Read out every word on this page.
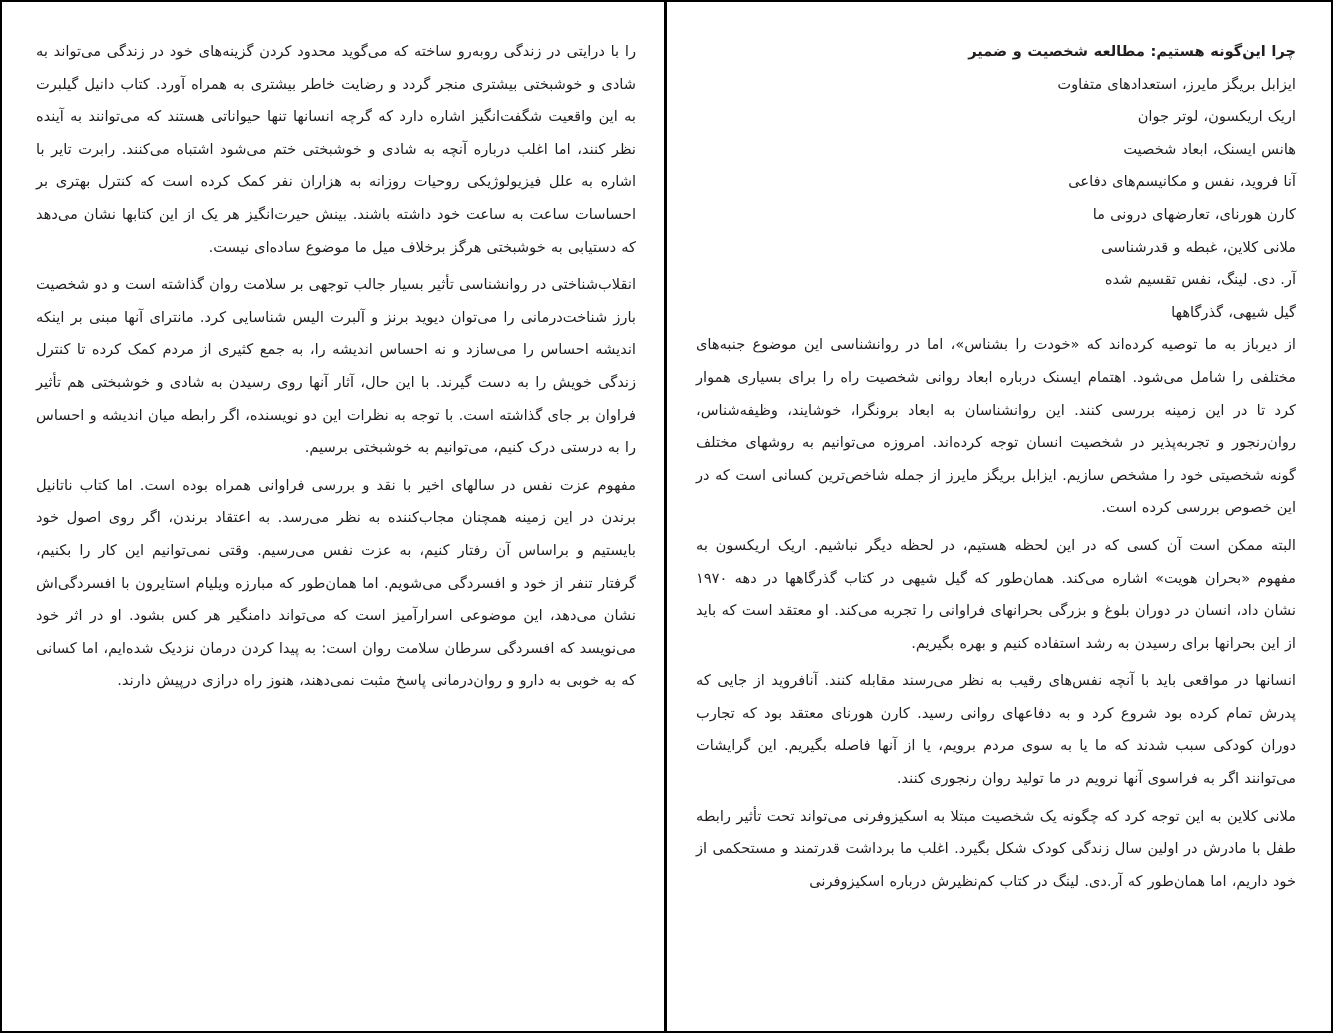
را با درایتی در زندگی روبه‌رو ساخته که می‌گوید محدود کردن گزینه‌های خود در زندگی می‌تواند به شادی و خوشبختی بیشتری منجر گردد و رضایت خاطر بیشتری به همراه آورد. کتاب دانیل گیلبرت به این واقعیت شگفت‌انگیز اشاره دارد که گرچه انسانها تنها حیواناتی هستند که می‌توانند به آینده نظر کنند، اما اغلب درباره آنچه به شادی و خوشبختی ختم می‌شود اشتباه می‌کنند. رابرت تایر با اشاره به علل فیزیولوژیکی روحیات روزانه به هزاران نفر کمک کرده است که کنترل بهتری بر احساسات ساعت به ساعت خود داشته باشند. بینش حیرت‌انگیز هر یک از این کتابها نشان می‌دهد که دستیابی به خوشبختی هرگز برخلاف میل ما موضوع ساده‌ای نیست.

انقلاب‌شناختی در روانشناسی تأثیر بسیار جالب توجهی بر سلامت روان گذاشته است و دو شخصیت بارز شناخت‌درمانی را می‌توان دیوید برنز و آلبرت الیس شناسایی کرد. مانترای آنها مبنی بر اینکه اندیشه احساس را می‌سازد و نه احساس اندیشه را، به جمع کثیری از مردم کمک کرده تا کنترل زندگی خویش را به دست گیرند. با این حال، آثار آنها روی رسیدن به شادی و خوشبختی هم تأثیر فراوان بر جای گذاشته است. با توجه به نظرات این دو نویسنده، اگر رابطه میان اندیشه و احساس را به درستی درک کنیم، می‌توانیم به خوشبختی برسیم.

مفهوم عزت نفس در سالهای اخیر با نقد و بررسی فراوانی همراه بوده است. اما کتاب ناتانیل برندن در این زمینه همچنان مجاب‌کننده به نظر می‌رسد. به اعتقاد برندن، اگر روی اصول خود بایستیم و براساس آن رفتار کنیم، به عزت نفس می‌رسیم. وقتی نمی‌توانیم این کار را بکنیم، گرفتار تنفر از خود و افسردگی می‌شویم. اما همان‌طور که مبارزه ویلیام استایرون با افسردگی‌اش نشان می‌دهد، این موضوعی اسرارآمیز است که می‌تواند دامنگیر هر کس بشود. او در اثر خود می‌نویسد که افسردگی سرطان سلامت روان است: به پیدا کردن درمان نزدیک شده‌ایم، اما کسانی که به خوبی به دارو و روان‌درمانی پاسخ مثبت نمی‌دهند، هنوز راه درازی درپیش دارند.

چرا این‌گونه هستیم: مطالعه شخصیت و ضمیر
ایزابل بریگز مایرز، استعدادهای متفاوت
اریک اریکسون، لوتر جوان
هانس ایسنک، ابعاد شخصیت
آنا فروید، نفس و مکانیسم‌های دفاعی
کارن هورنای، تعارضهای درونی ما
ملانی کلاین، غبطه و قدرشناسی
آر. دی. لینگ، نفس تقسیم شده
گیل شیهی، گذرگاهها

از دیرباز به ما توصیه کرده‌اند که «خودت را بشناس»، اما در روانشناسی این موضوع جنبه‌های مختلفی را شامل می‌شود. اهتمام ایسنک درباره ابعاد روانی شخصیت راه را برای بسیاری هموار کرد تا در این زمینه بررسی کنند. این روانشناسان به ابعاد برونگرا، خوشایند، وظیفه‌شناس، روان‌رنجور و تجربه‌پذیر در شخصیت انسان توجه کرده‌اند. امروزه می‌توانیم به روشهای مختلف گونه شخصیتی خود را مشخص سازیم. ایزابل بریگز مایرز از جمله شاخص‌ترین کسانی است که در این خصوص بررسی کرده است.

البته ممکن است آن کسی که در این لحظه هستیم، در لحظه دیگر نباشیم. اریک اریکسون به مفهوم «بحران هویت» اشاره می‌کند. همان‌طور که گیل شیهی در کتاب گذرگاهها در دهه ۱۹۷۰ نشان داد، انسان در دوران بلوغ و بزرگی بحرانهای فراوانی را تجربه می‌کند. او معتقد است که باید از این بحرانها برای رسیدن به رشد استفاده کنیم و بهره بگیریم.

انسانها در مواقعی باید با آنچه نفس‌های رقیب به نظر می‌رسند مقابله کنند. آنافروید از جایی که پدرش تمام کرده بود شروع کرد و به دفاعهای روانی رسید. کارن هورنای معتقد بود که تجارب دوران کودکی سبب شدند که ما یا به سوی مردم برویم، یا از آنها فاصله بگیریم. این گرایشات می‌توانند اگر به فراسوی آنها نرویم در ما تولید روان رنجوری کنند.

ملانی کلاین به این توجه کرد که چگونه یک شخصیت مبتلا به اسکیزوفرنی می‌تواند تحت تأثیر رابطه طفل با مادرش در اولین سال زندگی کودک شکل بگیرد. اغلب ما برداشت قدرتمند و مستحکمی از خود داریم، اما همان‌طور که آر.دی. لینگ در کتاب کم‌نظیرش درباره اسکیزوفرنی
